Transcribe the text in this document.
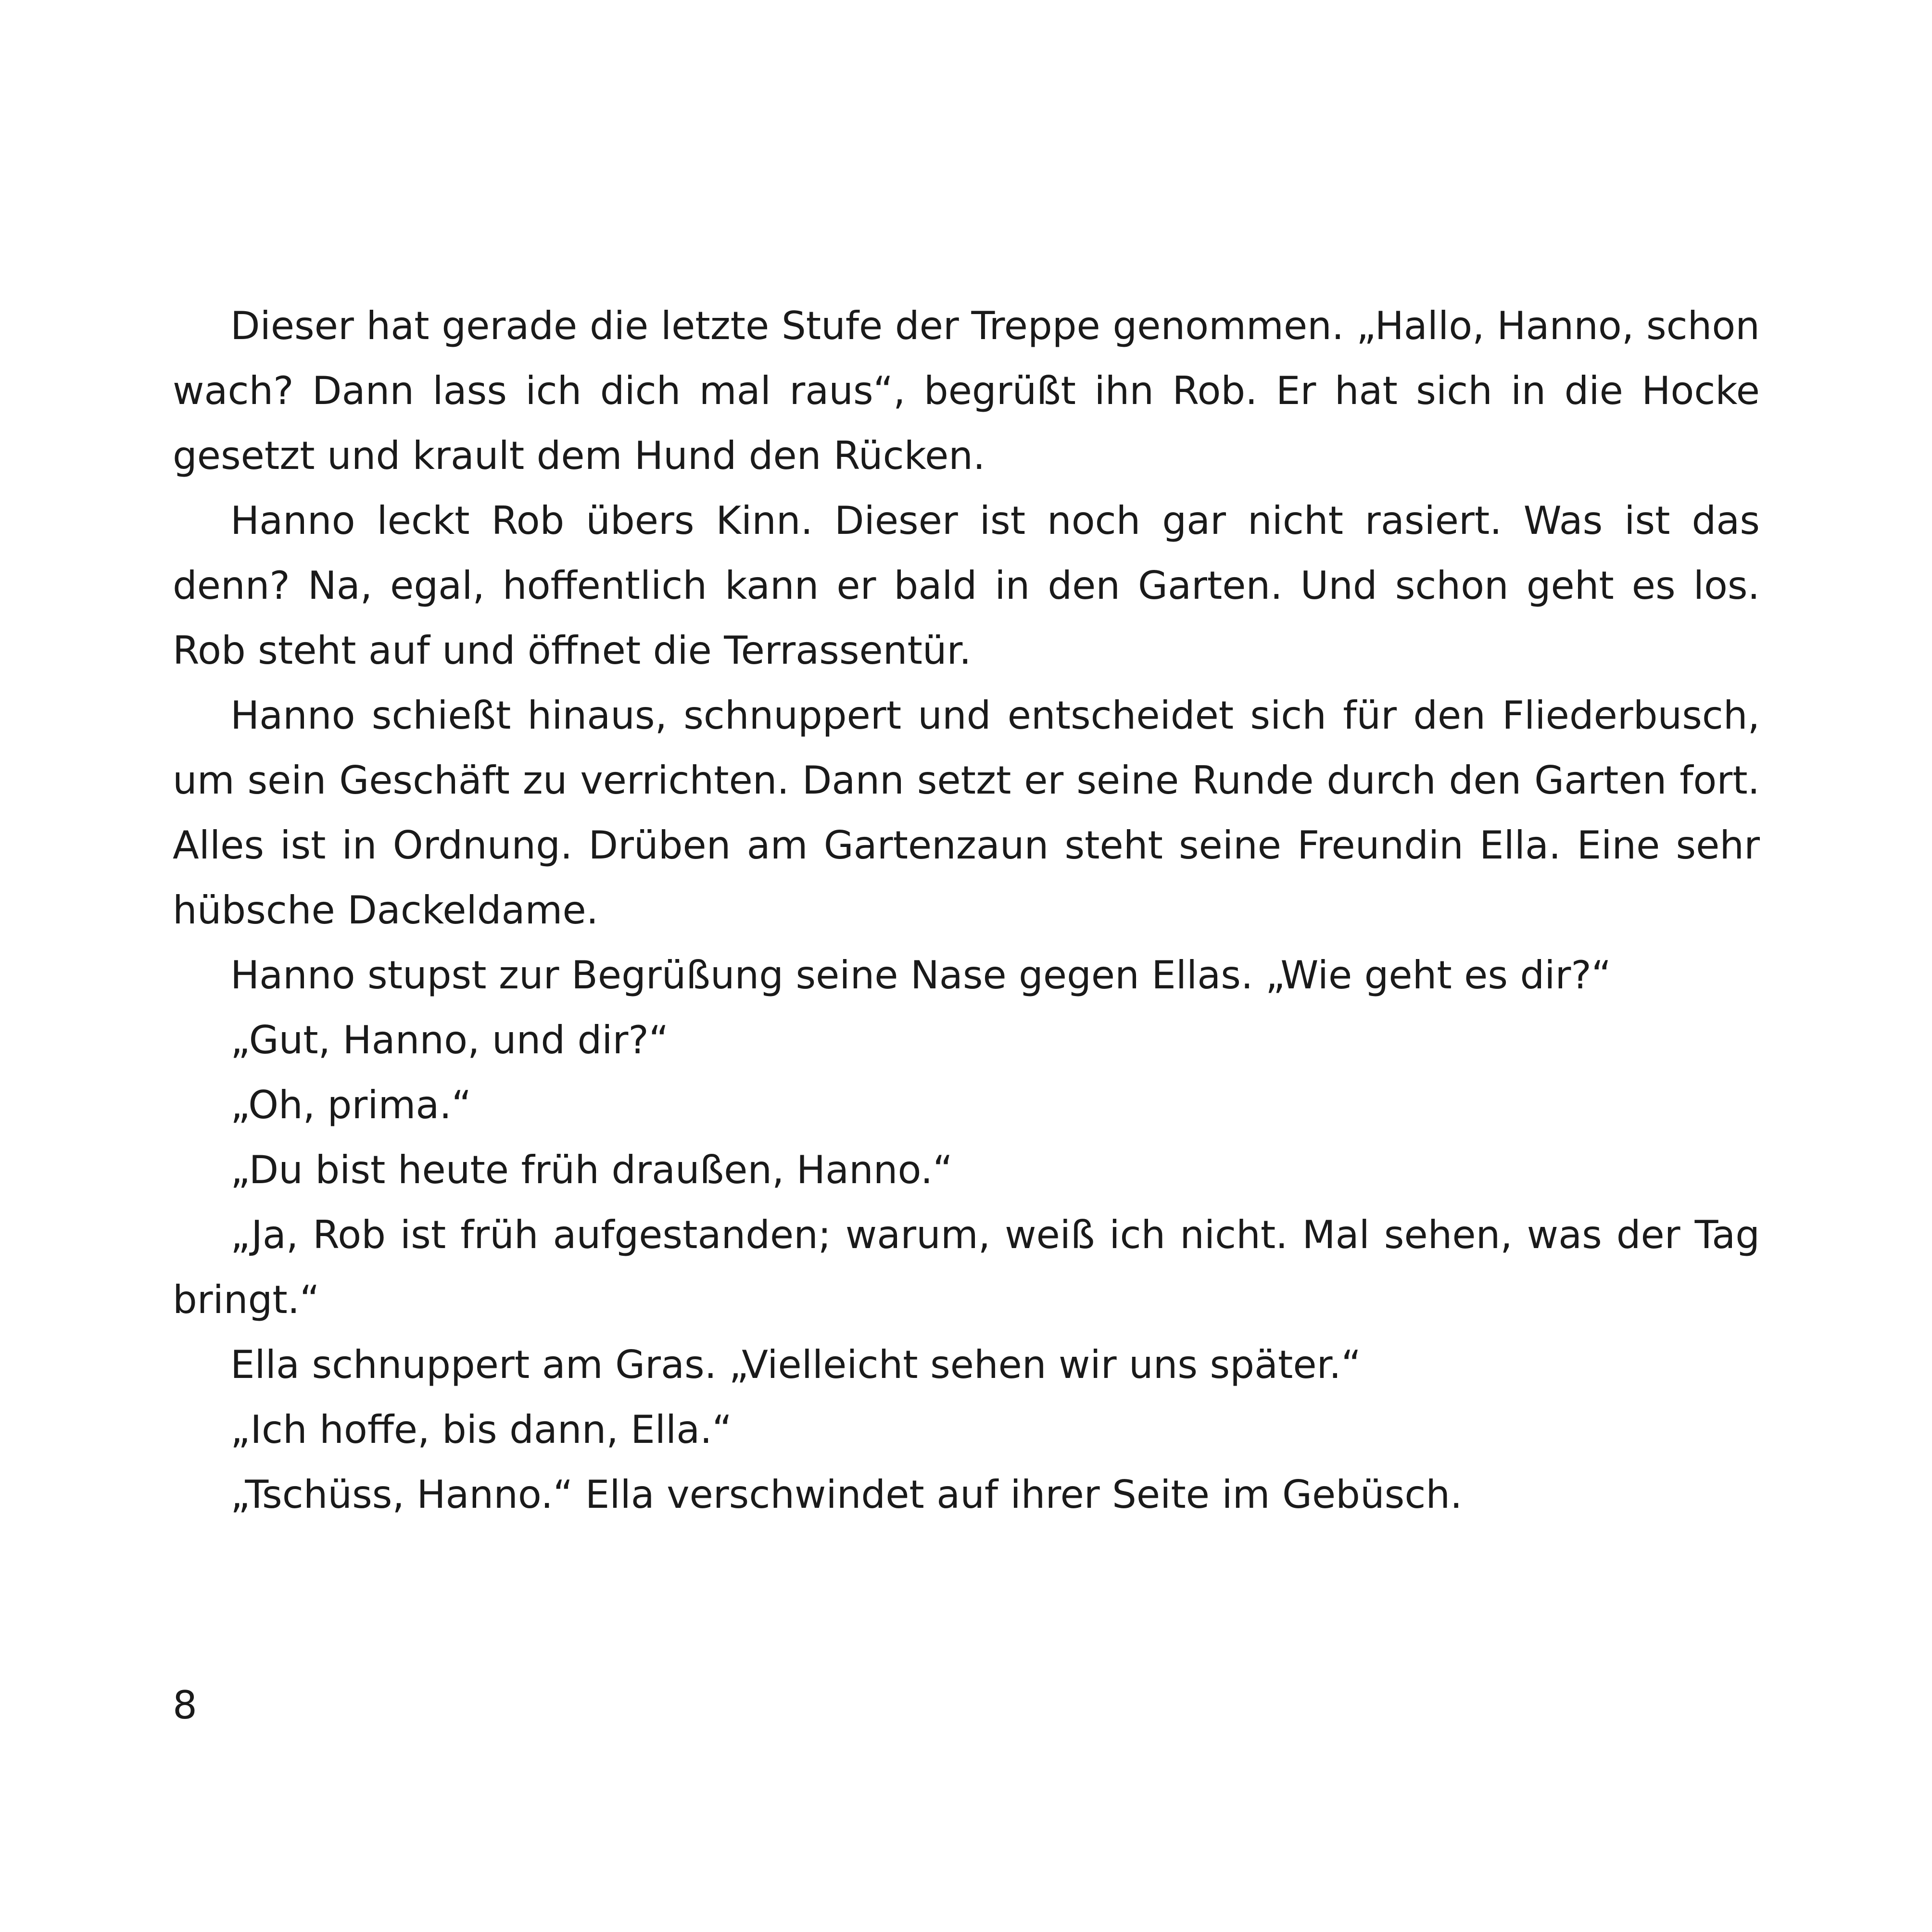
Dieser hat gerade die letzte Stufe der Treppe genommen. „Hallo, Hanno, schon wach? Dann lass ich dich mal raus“, begrüßt ihn Rob. Er hat sich in die Hocke gesetzt und krault dem Hund den Rücken.

Hanno leckt Rob übers Kinn. Dieser ist noch gar nicht rasiert. Was ist das denn? Na, egal, hoffentlich kann er bald in den Garten. Und schon geht es los. Rob steht auf und öffnet die Terrassentür.

Hanno schießt hinaus, schnuppert und entscheidet sich für den Fliederbusch, um sein Geschäft zu verrichten. Dann setzt er seine Runde durch den Garten fort. Alles ist in Ordnung. Drüben am Gartenzaun steht seine Freundin Ella. Eine sehr hübsche Dackeldame.

Hanno stupst zur Begrüßung seine Nase gegen Ellas. „Wie geht es dir?“

„Gut, Hanno, und dir?“

„Oh, prima.“

„Du bist heute früh draußen, Hanno.“

„Ja, Rob ist früh aufgestanden; warum, weiß ich nicht. Mal sehen, was der Tag bringt.“

Ella schnuppert am Gras. „Vielleicht sehen wir uns später.“

„Ich hoffe, bis dann, Ella.“

„Tschüss, Hanno.“ Ella verschwindet auf ihrer Seite im Gebüsch.

8
